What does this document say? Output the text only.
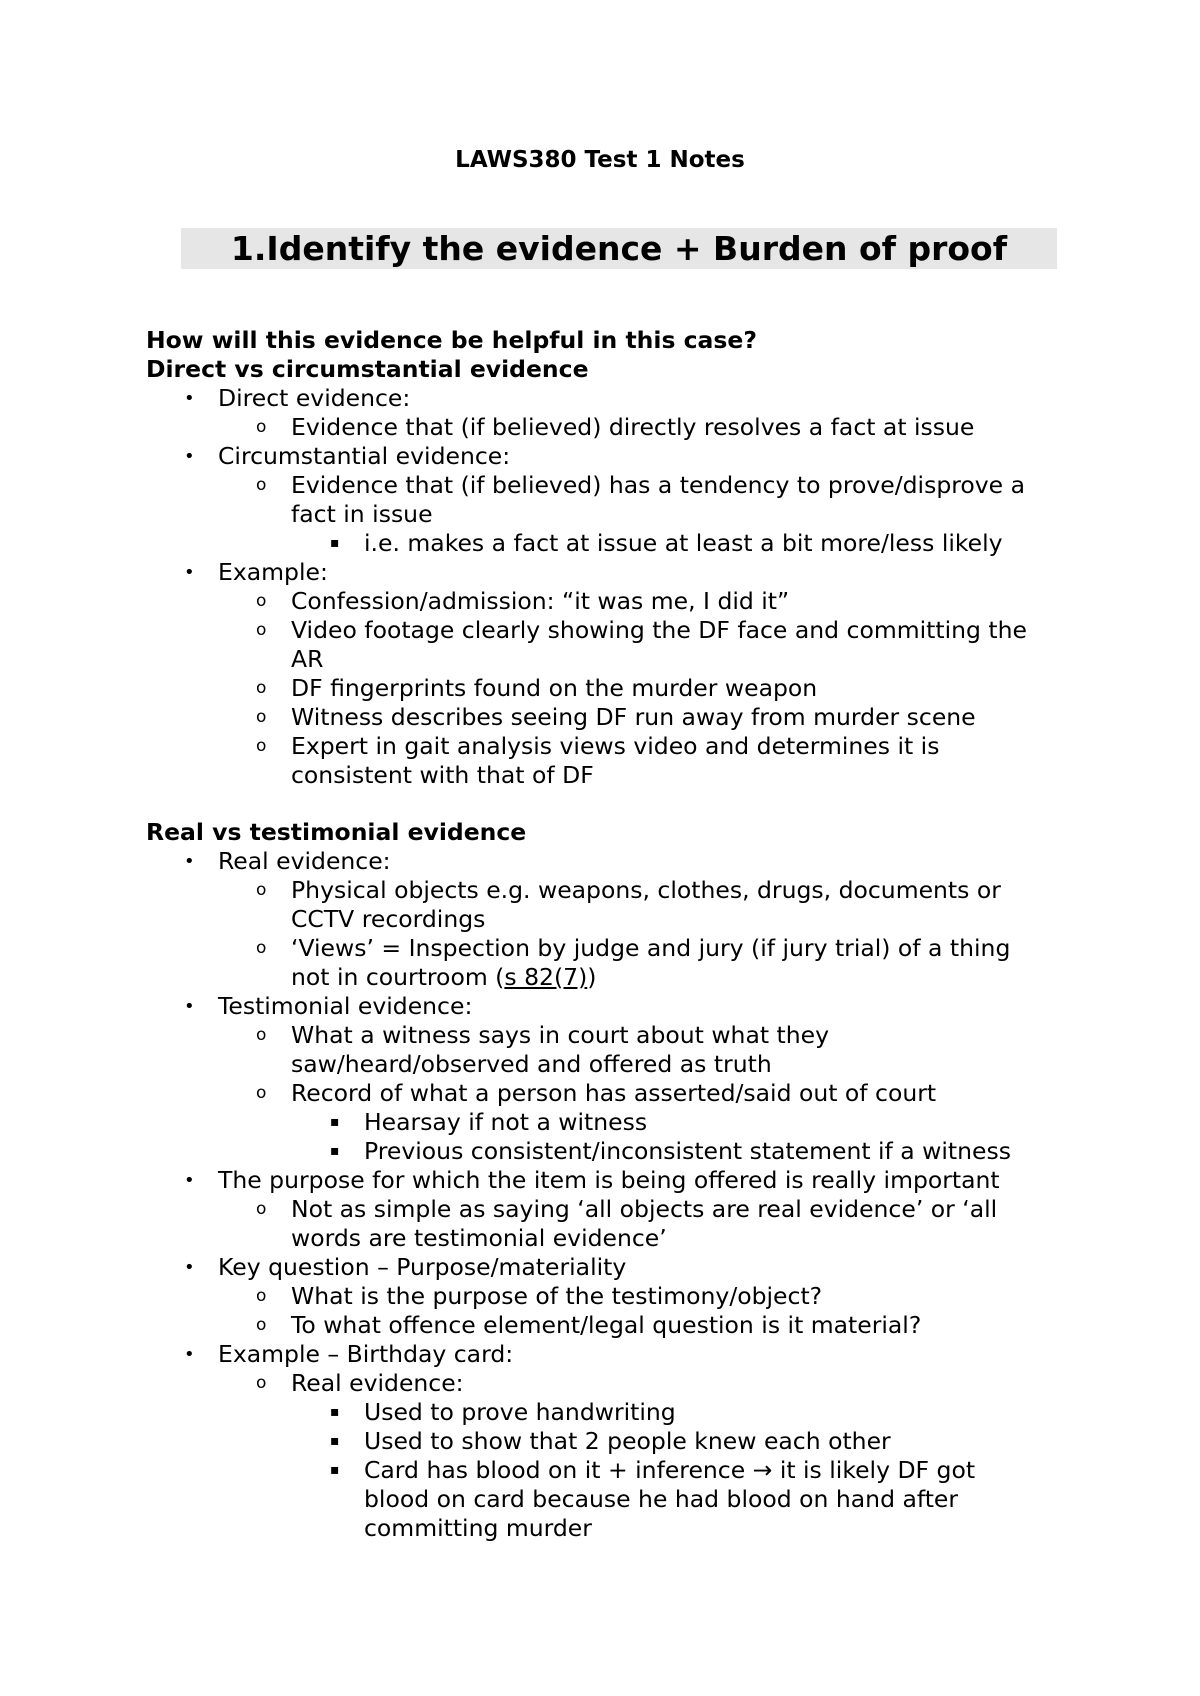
LAWS380 Test 1 Notes
1.Identify the evidence + Burden of proof
How will this evidence be helpful in this case?
Direct vs circumstantial evidence
• Direct evidence:
o Evidence that (if believed) directly resolves a fact at issue
• Circumstantial evidence:
o Evidence that (if believed) has a tendency to prove/disprove a
fact in issue
▪ i.e. makes a fact at issue at least a bit more/less likely
• Example:
o Confession/admission: “it was me, I did it”
o Video footage clearly showing the DF face and committing the
AR
o DF fingerprints found on the murder weapon
o Witness describes seeing DF run away from murder scene
o Expert in gait analysis views video and determines it is
consistent with that of DF
Real vs testimonial evidence
• Real evidence:
o Physical objects e.g. weapons, clothes, drugs, documents or
CCTV recordings
o ‘Views’ = Inspection by judge and jury (if jury trial) of a thing
not in courtroom (s 82(7))
• Testimonial evidence:
o What a witness says in court about what they
saw/heard/observed and offered as truth
o Record of what a person has asserted/said out of court
▪ Hearsay if not a witness
▪ Previous consistent/inconsistent statement if a witness
• The purpose for which the item is being offered is really important
o Not as simple as saying ‘all objects are real evidence’ or ‘all
words are testimonial evidence’
• Key question – Purpose/materiality
o What is the purpose of the testimony/object?
o To what offence element/legal question is it material?
• Example – Birthday card:
o Real evidence:
▪ Used to prove handwriting
▪ Used to show that 2 people knew each other
▪ Card has blood on it + inference → it is likely DF got
blood on card because he had blood on hand after
committing murder
